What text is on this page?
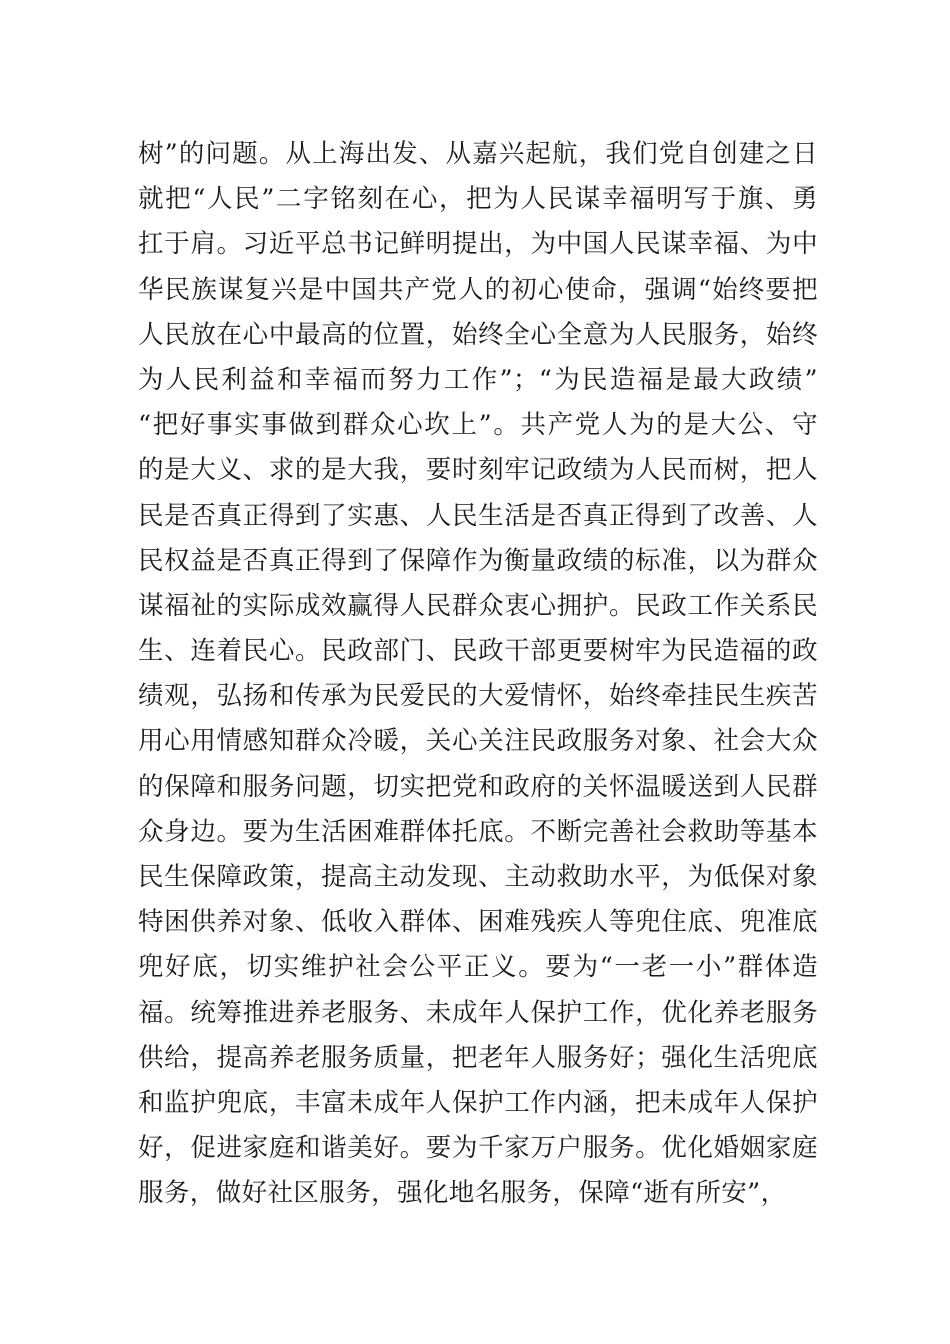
树”的问题。从上海出发、从嘉兴起航，我们党自创建之日
就把“人民”二字铭刻在心，把为人民谋幸福明写于旗、勇
扛于肩。习近平总书记鲜明提出，为中国人民谋幸福、为中
华民族谋复兴是中国共产党人的初心使命，强调“始终要把
人民放在心中最高的位置，始终全心全意为人民服务，始终
为人民利益和幸福而努力工作”；“为民造福是最大政绩”
“把好事实事做到群众心坎上”。共产党人为的是大公、守
的是大义、求的是大我，要时刻牢记政绩为人民而树，把人
民是否真正得到了实惠、人民生活是否真正得到了改善、人
民权益是否真正得到了保障作为衡量政绩的标准，以为群众
谋福祉的实际成效赢得人民群众衷心拥护。民政工作关系民
生、连着民心。民政部门、民政干部更要树牢为民造福的政
绩观，弘扬和传承为民爱民的大爱情怀，始终牵挂民生疾苦
用心用情感知群众冷暖，关心关注民政服务对象、社会大众
的保障和服务问题，切实把党和政府的关怀温暖送到人民群
众身边。要为生活困难群体托底。不断完善社会救助等基本
民生保障政策，提高主动发现、主动救助水平，为低保对象
特困供养对象、低收入群体、困难残疾人等兜住底、兜准底
兜好底，切实维护社会公平正义。要为“一老一小”群体造
福。统筹推进养老服务、未成年人保护工作，优化养老服务
供给，提高养老服务质量，把老年人服务好；强化生活兜底
和监护兜底，丰富未成年人保护工作内涵，把未成年人保护
好，促进家庭和谐美好。要为千家万户服务。优化婚姻家庭
服务，做好社区服务，强化地名服务，保障“逝有所安”，
